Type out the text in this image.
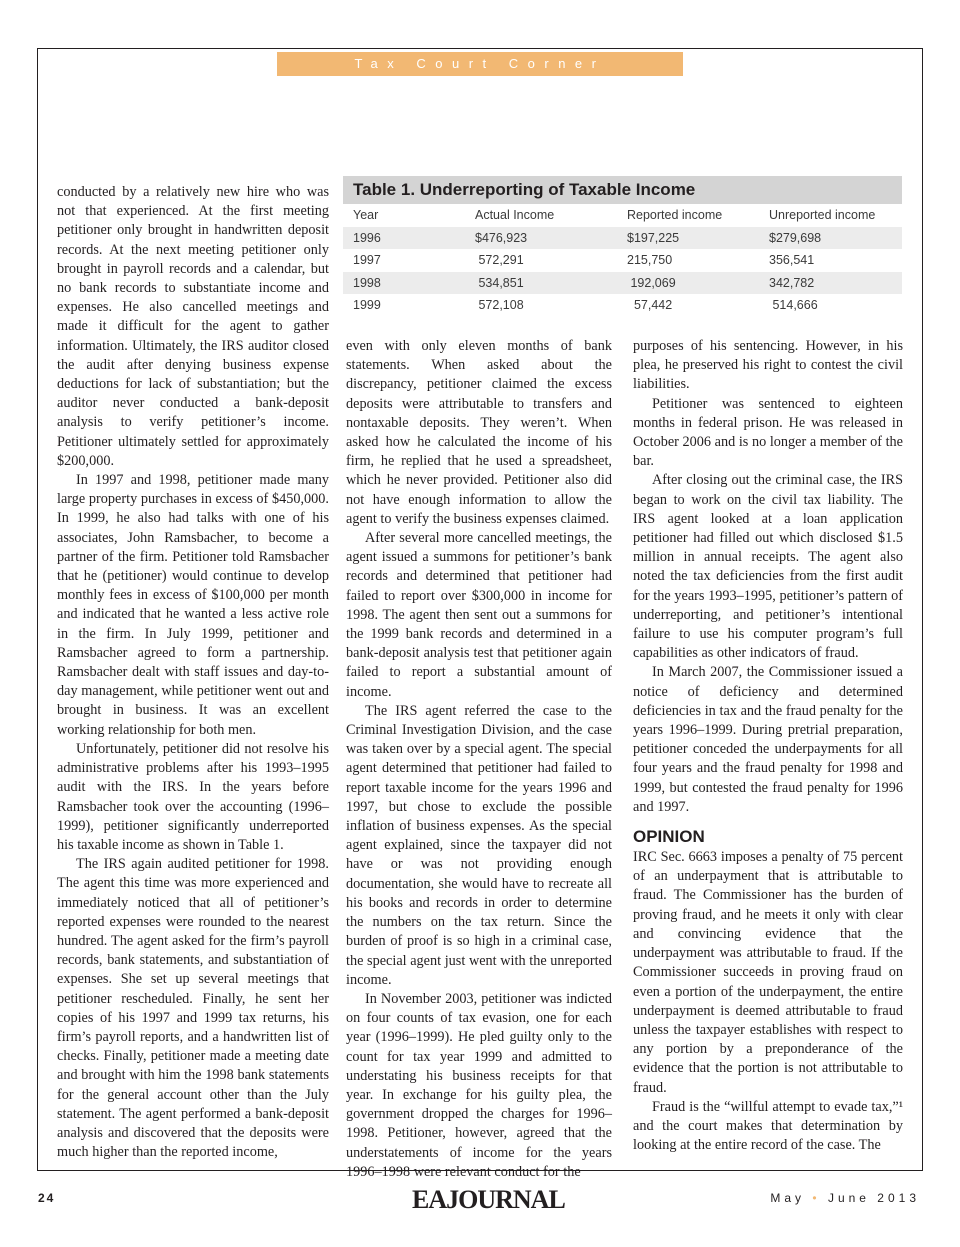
Tax Court Corner

conducted by a relatively new hire who was not that experienced. At the first meeting petitioner only brought in handwritten deposit records. At the next meeting petitioner only brought in payroll records and a calendar, but no bank records to substantiate income and expenses. He also cancelled meetings and made it difficult for the agent to gather information. Ultimately, the IRS auditor closed the audit after denying business expense deductions for lack of substantiation; but the auditor never conducted a bank-deposit analysis to verify petitioner’s income. Petitioner ultimately settled for approximately $200,000.

In 1997 and 1998, petitioner made many large property purchases in excess of $450,000. In 1999, he also had talks with one of his associates, John Ramsbacher, to become a partner of the firm. Petitioner told Ramsbacher that he (petitioner) would continue to develop monthly fees in excess of $100,000 per month and indicated that he wanted a less active role in the firm. In July 1999, petitioner and Ramsbacher agreed to form a partnership. Ramsbacher dealt with staff issues and day-to-day management, while petitioner went out and brought in business. It was an excellent working relationship for both men.

Unfortunately, petitioner did not resolve his administrative problems after his 1993–1995 audit with the IRS. In the years before Ramsbacher took over the accounting (1996–1999), petitioner significantly underreported his taxable income as shown in Table 1.

The IRS again audited petitioner for 1998. The agent this time was more experienced and immediately noticed that all of petitioner’s reported expenses were rounded to the nearest hundred. The agent asked for the firm’s payroll records, bank statements, and substantiation of expenses. She set up several meetings that petitioner rescheduled. Finally, he sent her copies of his 1997 and 1999 tax returns, his firm’s payroll reports, and a handwritten list of checks. Finally, petitioner made a meeting date and brought with him the 1998 bank statements for the general account other than the July statement. The agent performed a bank-deposit analysis and discovered that the deposits were much higher than the reported income,

Table 1. Underreporting of Taxable Income
Year	Actual Income	Reported income	Unreported income
1996	$476,923	$197,225	$279,698
1997	572,291	215,750	356,541
1998	534,851	192,069	342,782
1999	572,108	57,442	514,666

even with only eleven months of bank statements. When asked about the discrepancy, petitioner claimed the excess deposits were attributable to transfers and nontaxable deposits. They weren’t. When asked how he calculated the income of his firm, he replied that he used a spreadsheet, which he never provided. Petitioner also did not have enough information to allow the agent to verify the business expenses claimed.

After several more cancelled meetings, the agent issued a summons for petitioner’s bank records and determined that petitioner had failed to report over $300,000 in income for 1998. The agent then sent out a summons for the 1999 bank records and determined in a bank-deposit analysis test that petitioner again failed to report a substantial amount of income.

The IRS agent referred the case to the Criminal Investigation Division, and the case was taken over by a special agent. The special agent determined that petitioner had failed to report taxable income for the years 1996 and 1997, but chose to exclude the possible inflation of business expenses. As the special agent explained, since the taxpayer did not have or was not providing enough documentation, she would have to recreate all his books and records in order to determine the numbers on the tax return. Since the burden of proof is so high in a criminal case, the special agent just went with the unreported income.

In November 2003, petitioner was indicted on four counts of tax evasion, one for each year (1996–1999). He pled guilty only to the count for tax year 1999 and admitted to understating his business receipts for that year. In exchange for his guilty plea, the government dropped the charges for 1996–1998. Petitioner, however, agreed that the understatements of income for the years 1996–1998 were relevant conduct for the

purposes of his sentencing. However, in his plea, he preserved his right to contest the civil liabilities.

Petitioner was sentenced to eighteen months in federal prison. He was released in October 2006 and is no longer a member of the bar.

After closing out the criminal case, the IRS began to work on the civil tax liability. The IRS agent looked at a loan application petitioner had filled out which disclosed $1.5 million in annual receipts. The agent also noted the tax deficiencies from the first audit for the years 1993–1995, petitioner’s pattern of underreporting, and petitioner’s intentional failure to use his computer program’s full capabilities as other indicators of fraud.

In March 2007, the Commissioner issued a notice of deficiency and determined deficiencies in tax and the fraud penalty for the years 1996–1999. During pretrial preparation, petitioner conceded the underpayments for all four years and the fraud penalty for 1998 and 1999, but contested the fraud penalty for 1996 and 1997.

OPINION

IRC Sec. 6663 imposes a penalty of 75 percent of an underpayment that is attributable to fraud. The Commissioner has the burden of proving fraud, and he meets it only with clear and convincing evidence that the underpayment was attributable to fraud. If the Commissioner succeeds in proving fraud on even a portion of the underpayment, the entire underpayment is deemed attributable to fraud unless the taxpayer establishes with respect to any portion by a preponderance of the evidence that the portion is not attributable to fraud.

Fraud is the “willful attempt to evade tax,”¹ and the court makes that determination by looking at the entire record of the case. The

24	EAJOURNAL	May • June 2013
